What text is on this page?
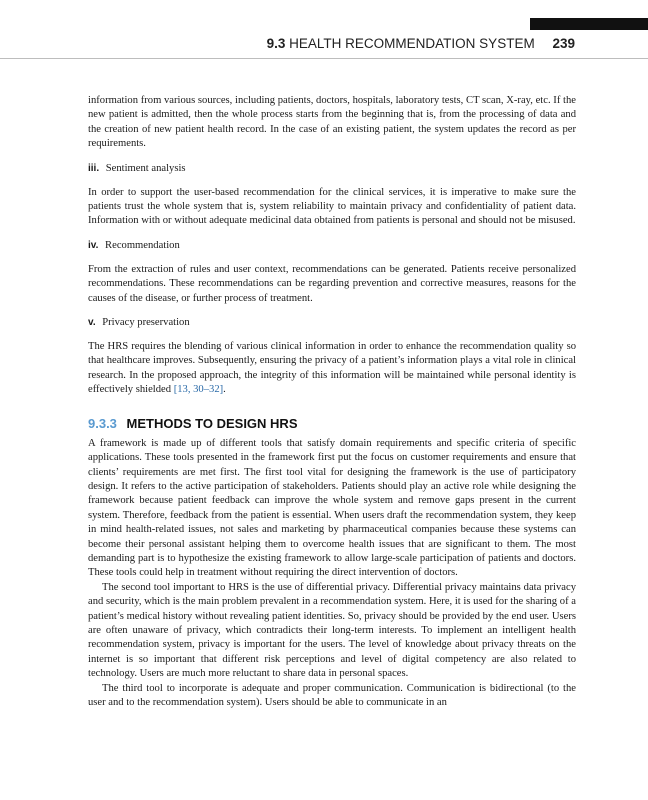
9.3 HEALTH RECOMMENDATION SYSTEM 239

information from various sources, including patients, doctors, hospitals, laboratory tests, CT scan, X-ray, etc. If the new patient is admitted, then the whole process starts from the beginning that is, from the processing of data and the creation of new patient health record. In the case of an existing patient, the system updates the record as per requirements.

iii. Sentiment analysis

In order to support the user-based recommendation for the clinical services, it is imperative to make sure the patients trust the whole system that is, system reliability to maintain privacy and confidentiality of patient data. Information with or without adequate medicinal data obtained from patients is personal and should not be misused.

iv. Recommendation

From the extraction of rules and user context, recommendations can be generated. Patients receive personalized recommendations. These recommendations can be regarding prevention and corrective measures, reasons for the causes of the disease, or further process of treatment.

v. Privacy preservation

The HRS requires the blending of various clinical information in order to enhance the recommendation quality so that healthcare improves. Subsequently, ensuring the privacy of a patient’s information plays a vital role in clinical research. In the proposed approach, the integrity of this information will be maintained while personal identity is effectively shielded [13, 30–32].

9.3.3 METHODS TO DESIGN HRS

A framework is made up of different tools that satisfy domain requirements and specific criteria of specific applications. These tools presented in the framework first put the focus on customer requirements and ensure that clients’ requirements are met first. The first tool vital for designing the framework is the use of participatory design. It refers to the active participation of stakeholders. Patients should play an active role while designing the framework because patient feedback can improve the whole system and remove gaps present in the current system. Therefore, feedback from the patient is essential. When users draft the recommendation system, they keep in mind health-related issues, not sales and marketing by pharmaceutical companies because these systems can become their personal assistant helping them to overcome health issues that are significant to them. The most demanding part is to hypothesize the existing framework to allow large-scale participation of patients and doctors. These tools could help in treatment without requiring the direct intervention of doctors.

The second tool important to HRS is the use of differential privacy. Differential privacy maintains data privacy and security, which is the main problem prevalent in a recommendation system. Here, it is used for the sharing of a patient’s medical history without revealing patient identities. So, privacy should be provided by the end user. Users are often unaware of privacy, which contradicts their long-term interests. To implement an intelligent health recommendation system, privacy is important for the users. The level of knowledge about privacy threats on the internet is so important that different risk perceptions and level of digital competency are also related to technology. Users are much more reluctant to share data in personal spaces.

The third tool to incorporate is adequate and proper communication. Communication is bidirectional (to the user and to the recommendation system). Users should be able to communicate in an
